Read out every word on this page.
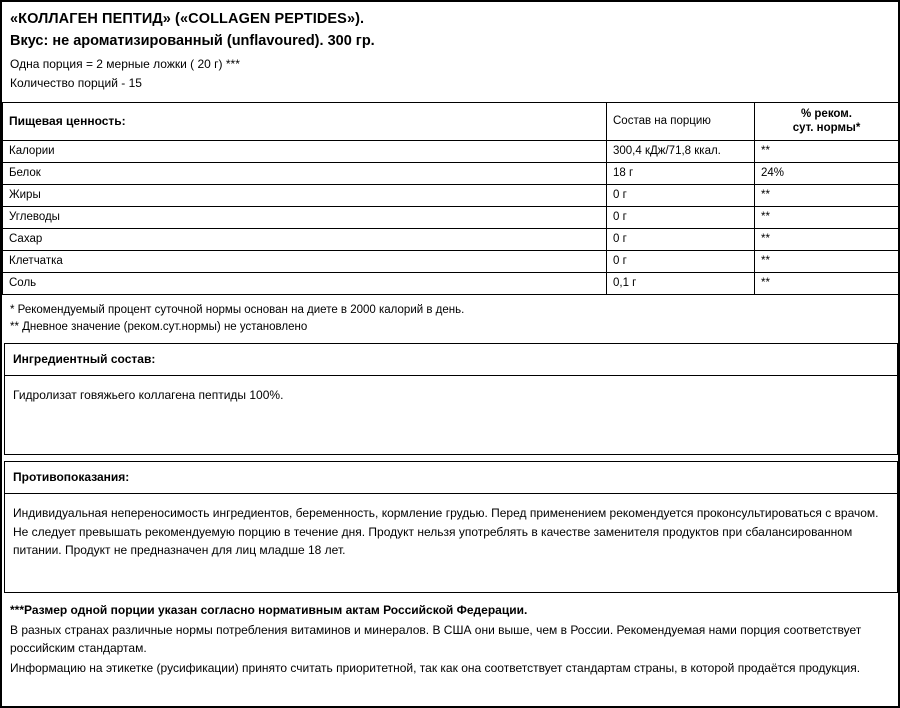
«КОЛЛАГЕН ПЕПТИД» («COLLAGEN PEPTIDES»).
Вкус: не ароматизированный (unflavoured). 300 гр.
Одна порция = 2 мерные ложки ( 20 г) ***
Количество порций - 15
Пищевая ценность:	Состав на порцию	% реком.
сут. нормы*

Калории	300,4 кДж/71,8 ккал.	**
Белок	18 г	24%
Жиры	0 г	**
Углеводы	0 г	**
Сахар	0 г	**
Клетчатка	0 г	**
Соль	0,1 г	**
* Рекомендуемый процент суточной нормы основан на диете в 2000 калорий в день.
** Дневное значение (реком.сут.нормы) не установлено
Ингредиентный состав:
Гидролизат говяжьего коллагена пептиды 100%.
Противопоказания:
Индивидуальная непереносимость ингредиентов, беременность, кормление грудью. Перед применением рекомендуется проконсультироваться с врачом. Не следует превышать рекомендуемую порцию в течение дня. Продукт нельзя употреблять в качестве заменителя продуктов при сбалансированном питании. Продукт не предназначен для лиц младше 18 лет.
***Размер одной порции указан согласно нормативным актам Российской Федерации.
В разных странах различные нормы потребления витаминов и минералов. В США они выше, чем в России. Рекомендуемая нами порция соответствует российским стандартам.
Информацию на этикетке (русификации) принято считать приоритетной, так как она соответствует стандартам страны, в которой продаётся продукция.
